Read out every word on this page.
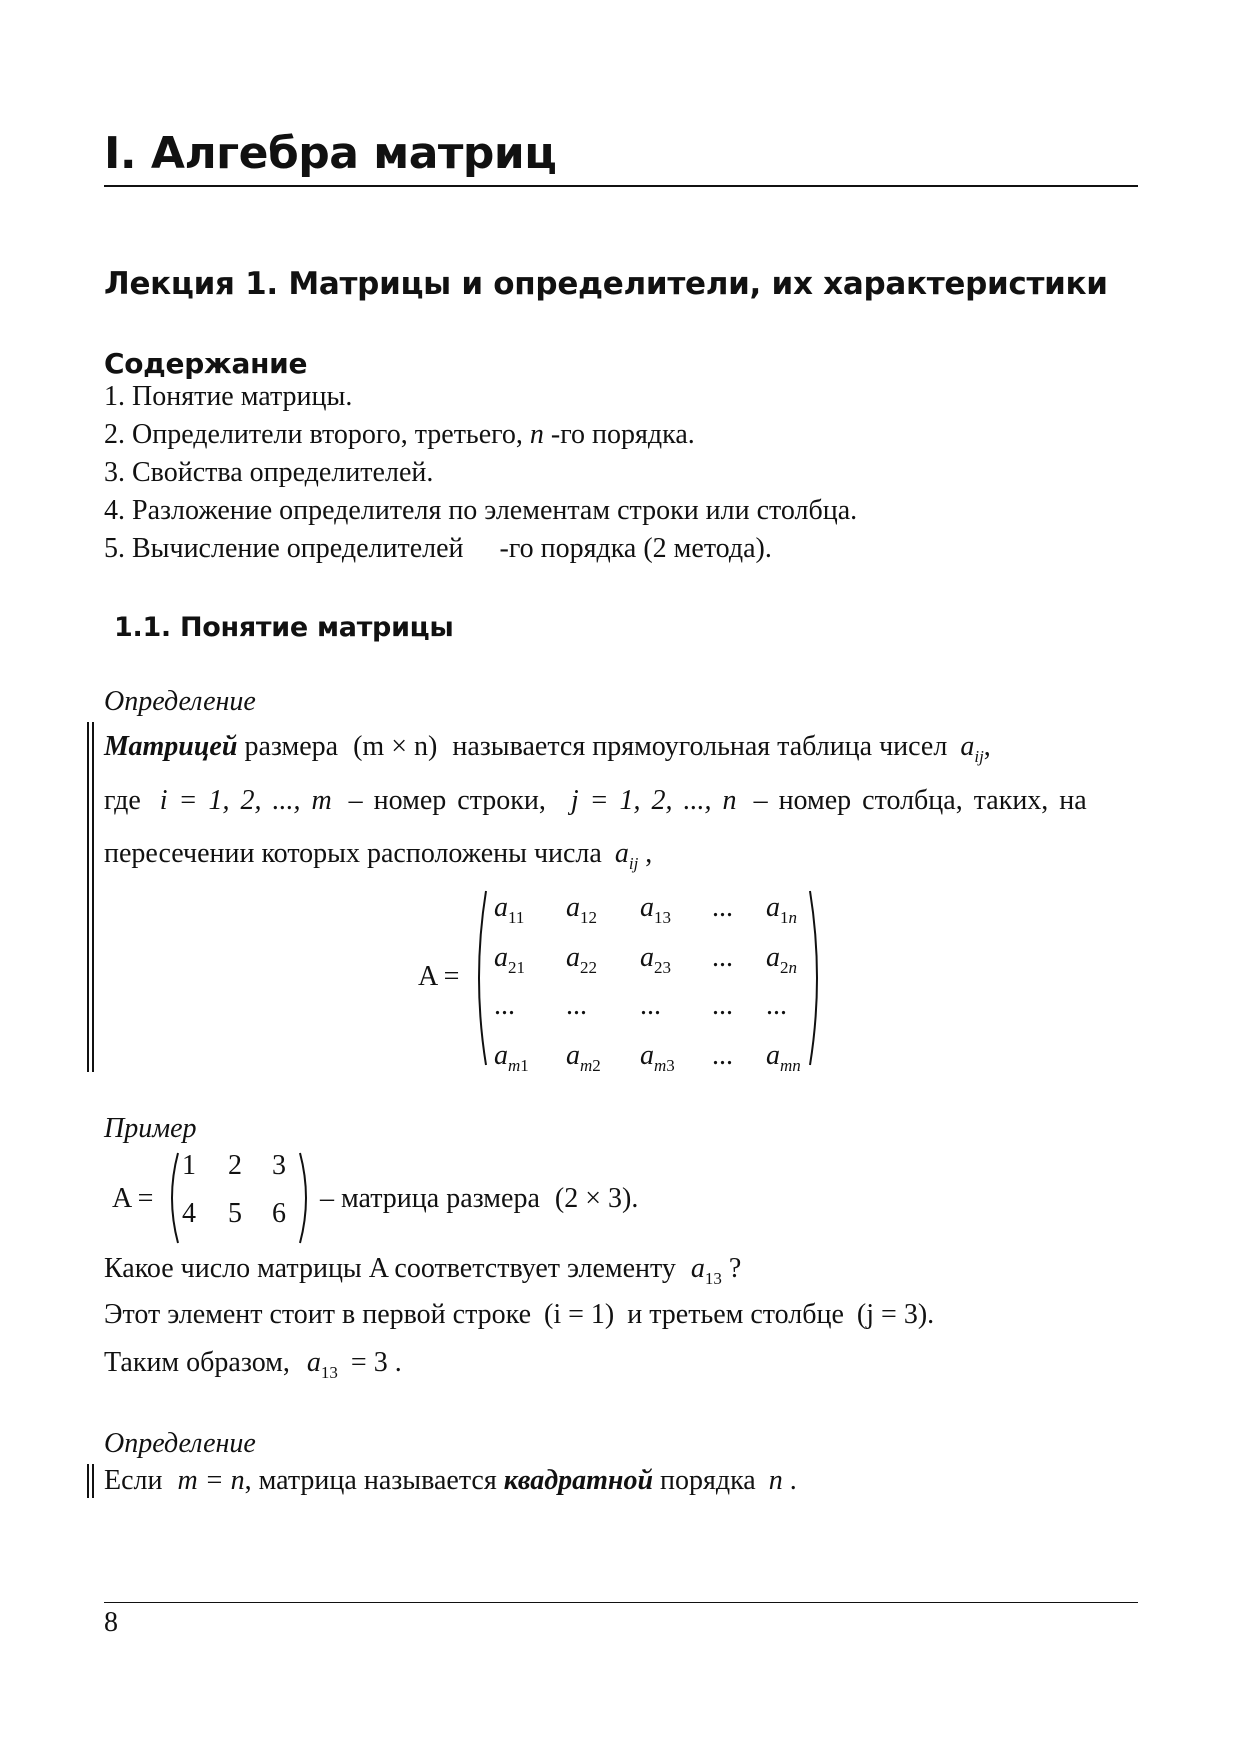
I. Алгебра матриц
Лекция 1. Матрицы и определители, их характеристики
Содержание
1. Понятие матрицы.
2. Определители второго, третьего, n -го порядка.
3. Свойства определителей.
4. Разложение определителя по элементам строки или столбца.
5. Вычисление определителей -го порядка (2 метода).
1.1. Понятие матрицы
Определение
Матрицей размера (m × n) называется прямоугольная таблица чисел $a_{ij}$,
где i = 1, 2, ..., m – номер строки, j = 1, 2, ..., n – номер столбца, таких, на
пересечении которых расположены числа $a_{ij}$ ,
A =
$a_{11}$ $a_{12}$ $a_{13}$ ... $a_{1n}$
$a_{21}$ $a_{22}$ $a_{23}$ ... $a_{2n}$
... ... ... ... ...
$a_{m1}$ $a_{m2}$ $a_{m3}$ ... $a_{mn}$
Пример
A =
1 2 3
4 5 6 – матрица размера (2 × 3).
Какое число матрицы A соответствует элементу $a_{13}$ ?
Этот элемент стоит в первой строке (i = 1) и третьем столбце (j = 3).
Таким образом, $a_{13} = 3$ .
Определение
Если m = n, матрица называется квадратной порядка n .
8
